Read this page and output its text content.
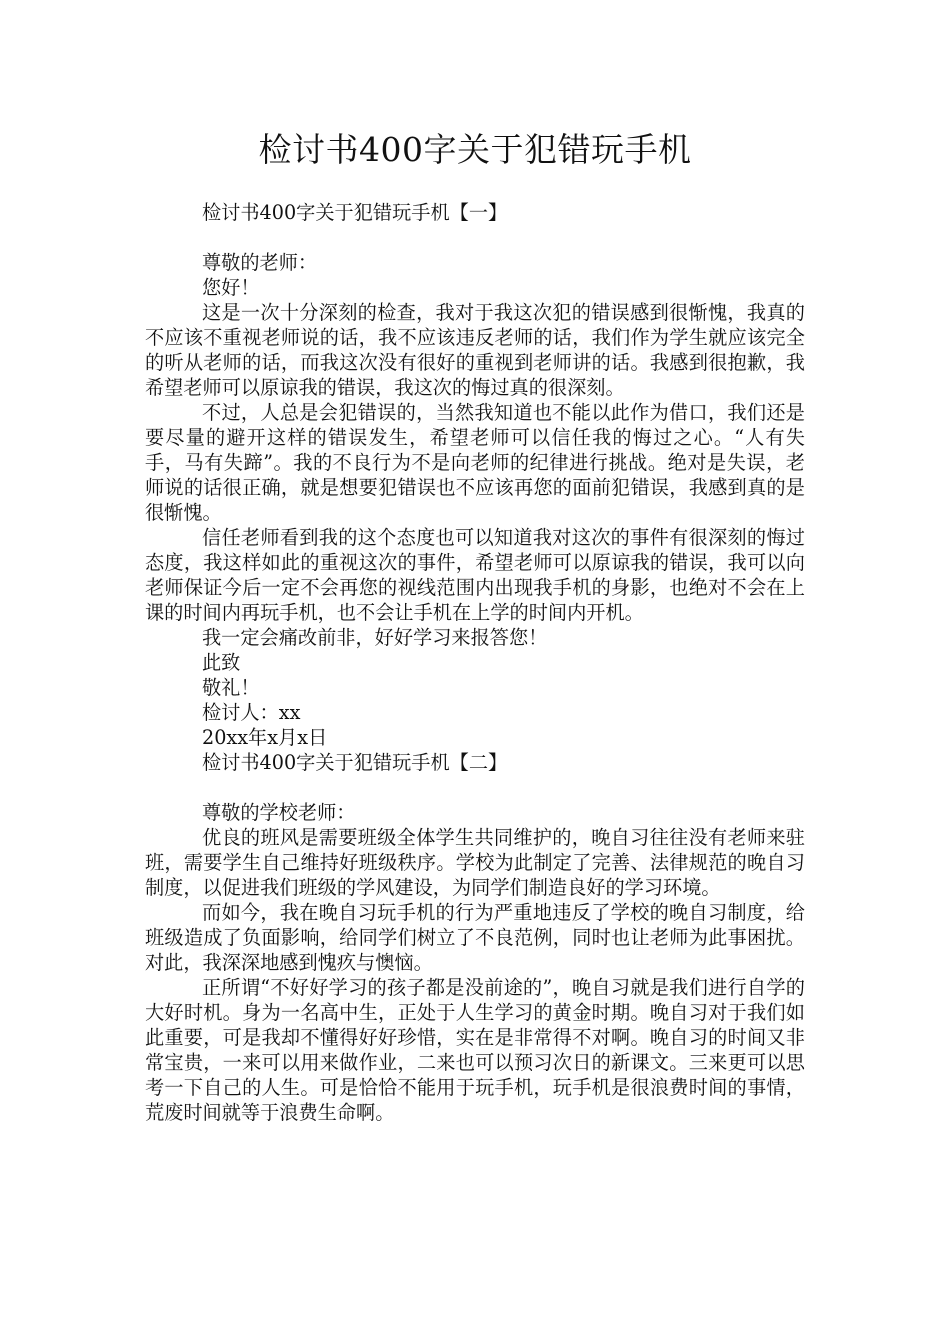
检讨书400字关于犯错玩手机

检讨书400字关于犯错玩手机【一】

尊敬的老师：

您好！

这是一次十分深刻的检查，我对于我这次犯的错误感到很惭愧，我真的不应该不重视老师说的话，我不应该违反老师的话，我们作为学生就应该完全的听从老师的话，而我这次没有很好的重视到老师讲的话。我感到很抱歉，我希望老师可以原谅我的错误，我这次的悔过真的很深刻。

不过，人总是会犯错误的，当然我知道也不能以此作为借口，我们还是要尽量的避开这样的错误发生，希望老师可以信任我的悔过之心。“人有失手，马有失蹄”。我的不良行为不是向老师的纪律进行挑战。绝对是失误，老师说的话很正确，就是想要犯错误也不应该再您的面前犯错误，我感到真的是很惭愧。

信任老师看到我的这个态度也可以知道我对这次的事件有很深刻的悔过态度，我这样如此的重视这次的事件，希望老师可以原谅我的错误，我可以向老师保证今后一定不会再您的视线范围内出现我手机的身影，也绝对不会在上课的时间内再玩手机，也不会让手机在上学的时间内开机。

我一定会痛改前非，好好学习来报答您！

此致

敬礼！

检讨人：xx

20xx年x月x日

检讨书400字关于犯错玩手机【二】

尊敬的学校老师：

优良的班风是需要班级全体学生共同维护的，晚自习往往没有老师来驻班，需要学生自己维持好班级秩序。学校为此制定了完善、法律规范的晚自习制度，以促进我们班级的学风建设，为同学们制造良好的学习环境。

而如今，我在晚自习玩手机的行为严重地违反了学校的晚自习制度，给班级造成了负面影响，给同学们树立了不良范例，同时也让老师为此事困扰。对此，我深深地感到愧疚与懊恼。

正所谓“不好好学习的孩子都是没前途的”，晚自习就是我们进行自学的大好时机。身为一名高中生，正处于人生学习的黄金时期。晚自习对于我们如此重要，可是我却不懂得好好珍惜，实在是非常得不对啊。晚自习的时间又非常宝贵，一来可以用来做作业，二来也可以预习次日的新课文。三来更可以思考一下自己的人生。可是恰恰不能用于玩手机，玩手机是很浪费时间的事情，荒废时间就等于浪费生命啊。
